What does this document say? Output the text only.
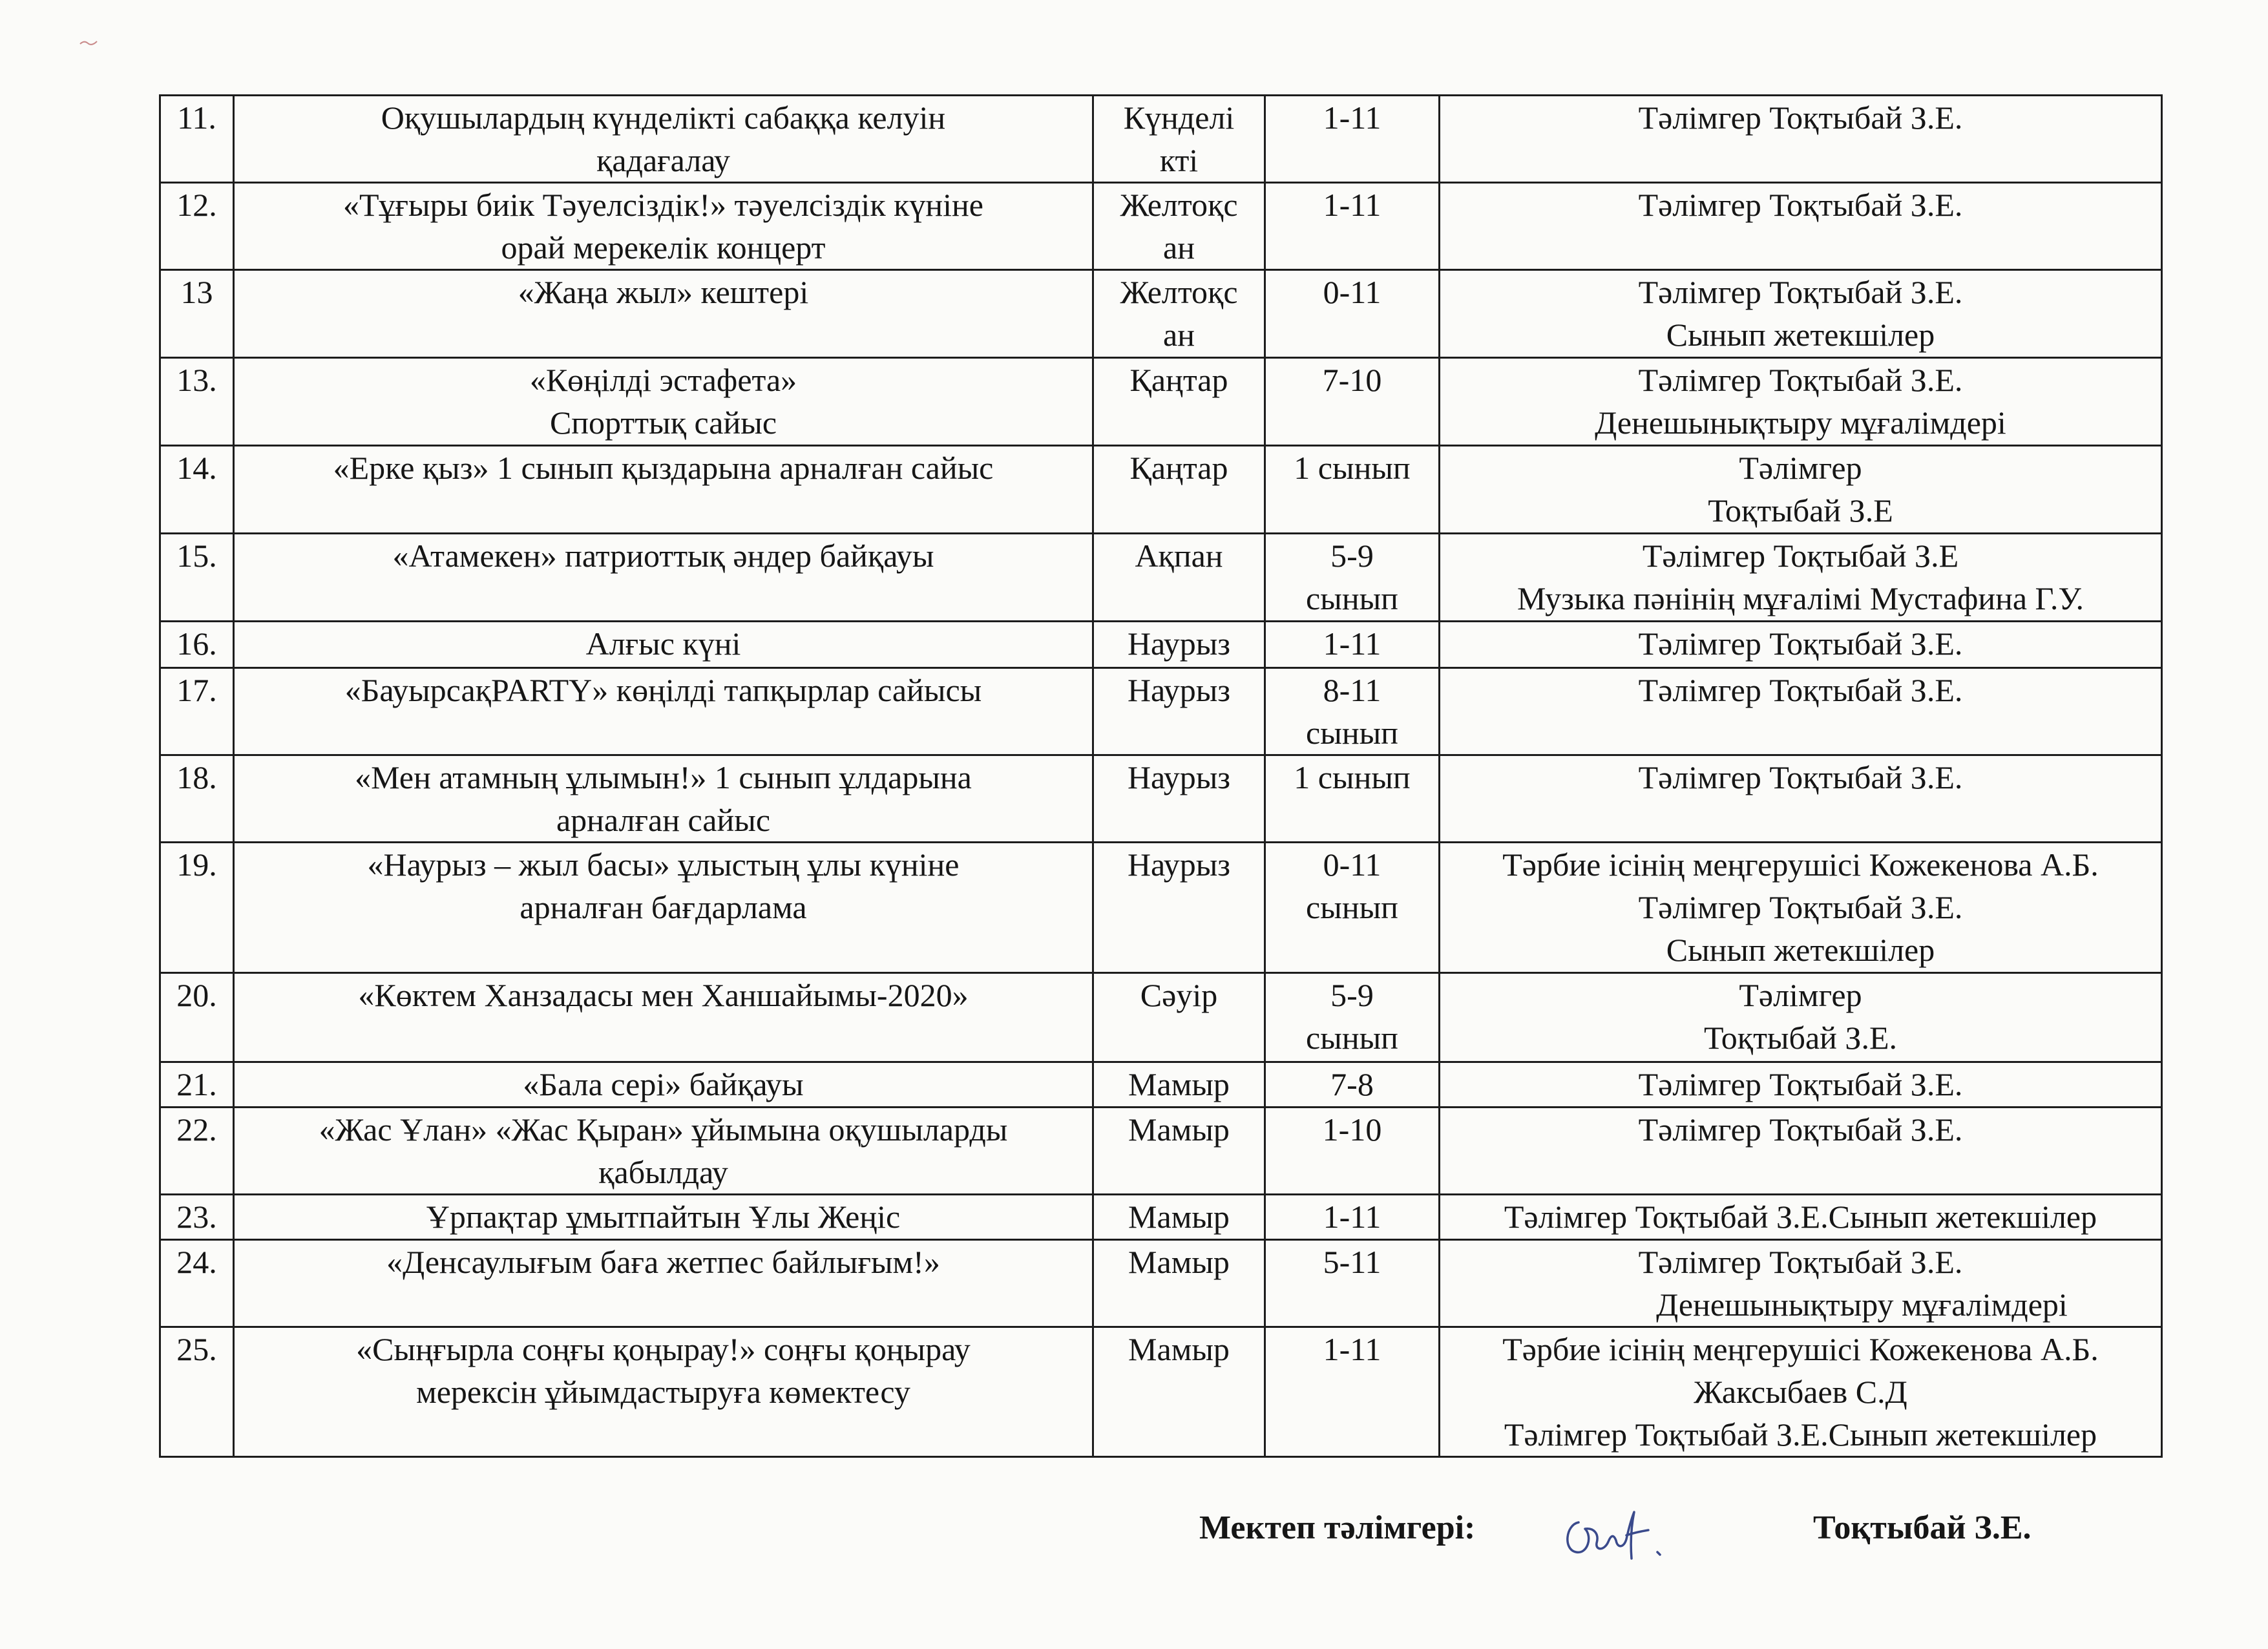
11.	Оқушылардың күнделікті сабаққа келуін
қадағалау	Күнделі
кті	1-11	Тәлімгер Тоқтыбай З.Е.

12.	«Тұғыры биік Тәуелсіздік!» тәуелсіздік күніне
орай мерекелік концерт	Желтоқс
ан	1-11	Тәлімгер Тоқтыбай З.Е.

13	«Жаңа жыл» кештері	Желтоқс
ан	0-11	Тәлімгер Тоқтыбай З.Е.
Сынып жетекшілер

13.	«Көңілді эстафета»
Спорттық сайыс	Қаңтар	7-10	Тәлімгер Тоқтыбай З.Е.
Денешынықтыру мұғалімдері

14.	«Ерке қыз» 1 сынып қыздарына арналған сайыс	Қаңтар	1 сынып	Тәлімгер
Тоқтыбай З.Е

15.	«Атамекен» патриоттық әндер байқауы	Ақпан	5-9
сынып	Тәлімгер Тоқтыбай З.Е
Музыка пәнінің мұғалімі Мустафина Г.У.

16.	Алғыс күні	Наурыз	1-11	Тәлімгер Тоқтыбай З.Е.

17.	«БауырсақPARTY» көңілді тапқырлар сайысы	Наурыз	8-11
сынып	Тәлімгер Тоқтыбай З.Е.

18.	«Мен атамның ұлымын!» 1 сынып ұлдарына
арналған сайыс	Наурыз	1 сынып	Тәлімгер Тоқтыбай З.Е.

19.	«Наурыз – жыл басы» ұлыстың ұлы күніне
арналған бағдарлама	Наурыз	0-11
сынып	Тәрбие ісінің меңгерушісі Кожекенова А.Б.
Тәлімгер Тоқтыбай З.Е.
Сынып жетекшілер

20.	«Көктем Ханзадасы мен Ханшайымы-2020»	Сәуір	5-9
сынып	Тәлімгер
Тоқтыбай З.Е.

21.	«Бала сері» байқауы	Мамыр	7-8	Тәлімгер Тоқтыбай З.Е.

22.	«Жас Ұлан» «Жас Қыран» ұйымына оқушыларды
қабылдау	Мамыр	1-10	Тәлімгер Тоқтыбай З.Е.

23.	Ұрпақтар ұмытпайтын Ұлы Жеңіс	Мамыр	1-11	Тәлімгер Тоқтыбай З.Е.Сынып жетекшілер

24.	«Денсаулығым баға жетпес байлығым!»	Мамыр	5-11	Тәлімгер Тоқтыбай З.Е.
Денешынықтыру мұғалімдері

25.	«Сыңғырла соңғы қоңырау!» соңғы қоңырау
мерексін ұйымдастыруға көмектесу	Мамыр	1-11	Тәрбие ісінің меңгерушісі Кожекенова А.Б.
Жаксыбаев С.Д
Тәлімгер Тоқтыбай З.Е.Сынып жетекшілер
Мектеп тәлімгері:	Тоқтыбай З.Е.
